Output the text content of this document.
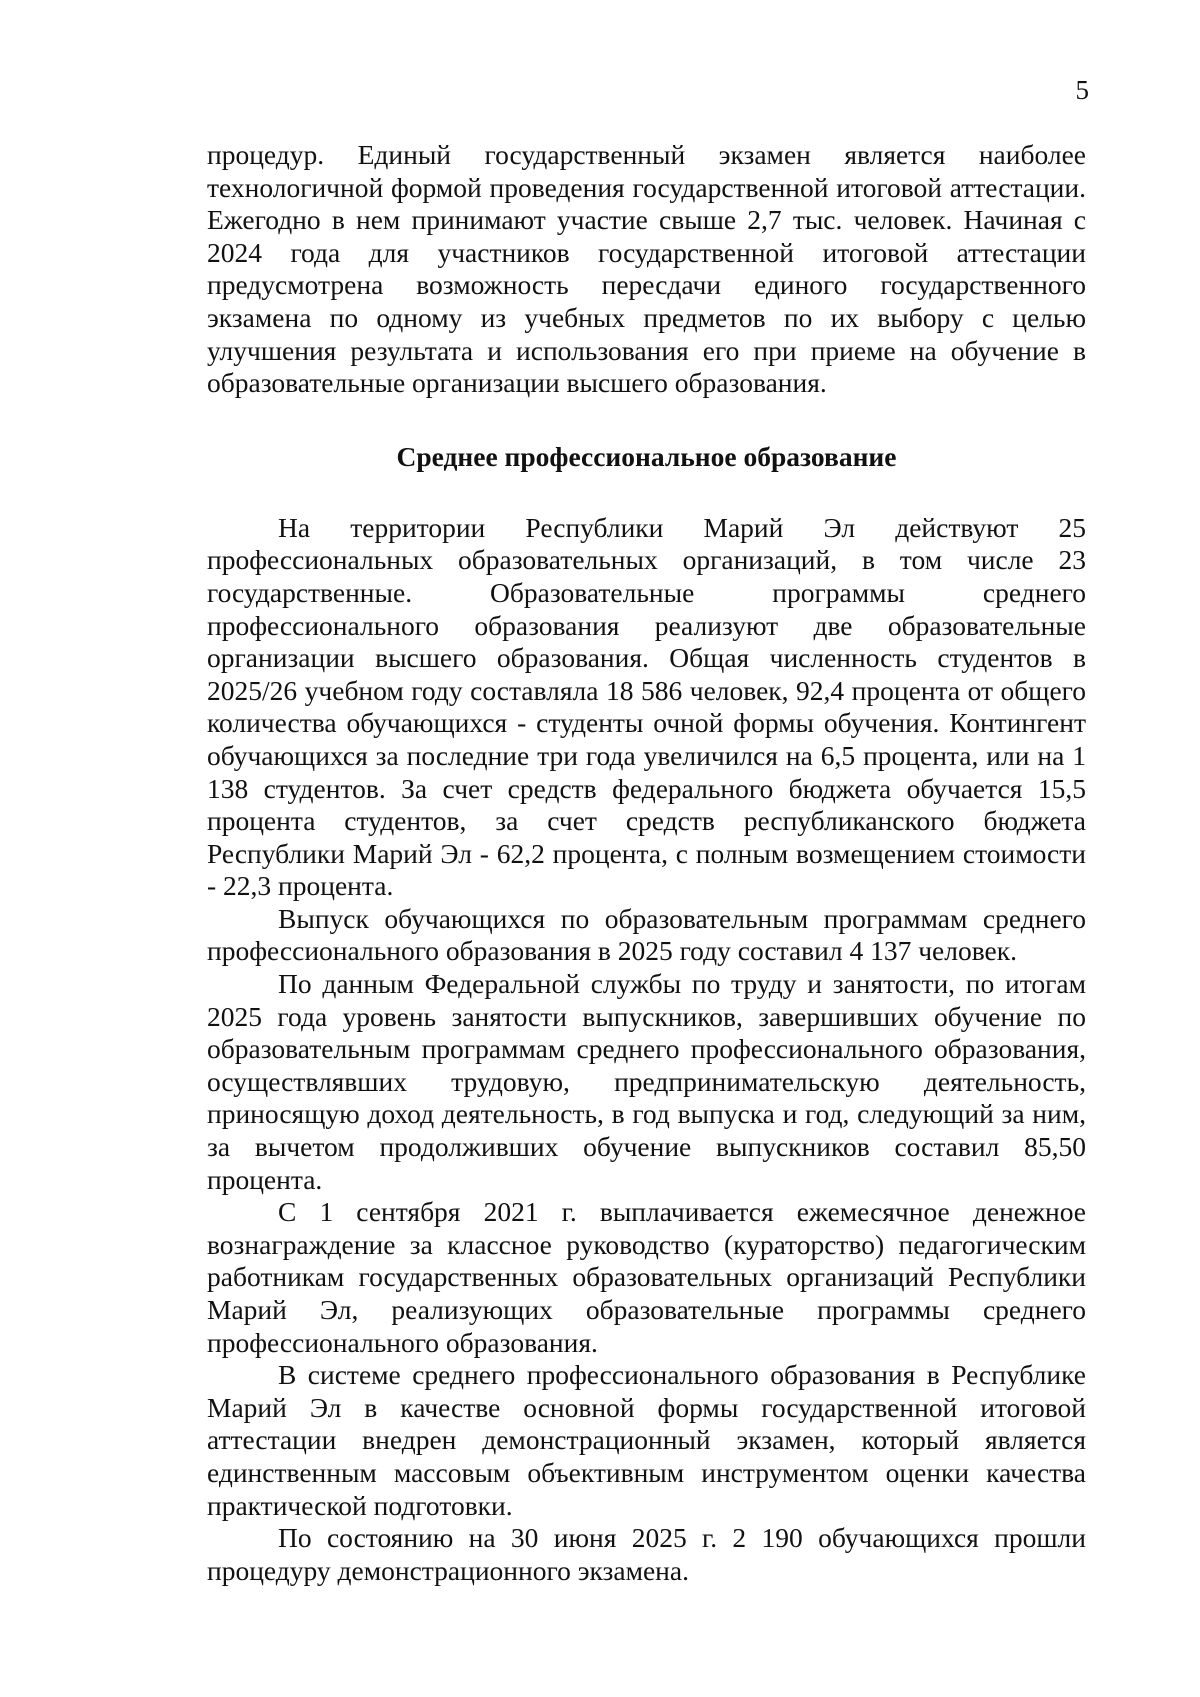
5

процедур. Единый государственный экзамен является наиболее технологичной формой проведения государственной итоговой аттестации. Ежегодно в нем принимают участие свыше 2,7 тыс. человек. Начиная с 2024 года для участников государственной итоговой аттестации предусмотрена возможность пересдачи единого государственного экзамена по одному из учебных предметов по их выбору с целью улучшения результата и использования его при приеме на обучение в образовательные организации высшего образования.

Среднее профессиональное образование

На территории Республики Марий Эл действуют 25 профессиональных образовательных организаций, в том числе 23 государственные. Образовательные программы среднего профессионального образования реализуют две образовательные организации высшего образования. Общая численность студентов в 2025/26 учебном году составляла 18 586 человек, 92,4 процента от общего количества обучающихся - студенты очной формы обучения. Контингент обучающихся за последние три года увеличился на 6,5 процента, или на 1 138 студентов. За счет средств федерального бюджета обучается 15,5 процента студентов, за счет средств республиканского бюджета Республики Марий Эл - 62,2 процента, с полным возмещением стоимости - 22,3 процента.

Выпуск обучающихся по образовательным программам среднего профессионального образования в 2025 году составил 4 137 человек.

По данным Федеральной службы по труду и занятости, по итогам 2025 года уровень занятости выпускников, завершивших обучение по образовательным программам среднего профессионального образования, осуществлявших трудовую, предпринимательскую деятельность, приносящую доход деятельность, в год выпуска и год, следующий за ним, за вычетом продолживших обучение выпускников составил 85,50 процента.

С 1 сентября 2021 г. выплачивается ежемесячное денежное вознаграждение за классное руководство (кураторство) педагогическим работникам государственных образовательных организаций Республики Марий Эл, реализующих образовательные программы среднего профессионального образования.

В системе среднего профессионального образования в Республике Марий Эл в качестве основной формы государственной итоговой аттестации внедрен демонстрационный экзамен, который является единственным массовым объективным инструментом оценки качества практической подготовки.

По состоянию на 30 июня 2025 г. 2 190 обучающихся прошли процедуру демонстрационного экзамена.
